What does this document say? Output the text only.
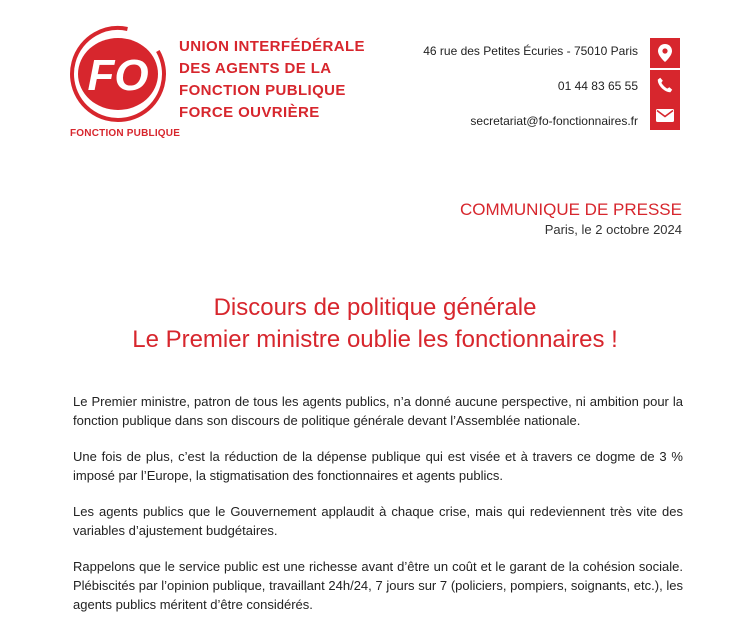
FO
FONCTION PUBLIQUE
UNION INTERFÉDÉRALE
DES AGENTS DE LA
FONCTION PUBLIQUE
FORCE OUVRIÈRE
46 rue des Petites Écuries - 75010 Paris
01 44 83 65 55
secretariat@fo-fonctionnaires.fr
COMMUNIQUE DE PRESSE
Paris, le 2 octobre 2024
Discours de politique générale
Le Premier ministre oublie les fonctionnaires !

Le Premier ministre, patron de tous les agents publics, n’a donné aucune perspective, ni ambition pour la fonction publique dans son discours de politique générale devant l’Assemblée nationale.

Une fois de plus, c’est la réduction de la dépense publique qui est visée et à travers ce dogme de 3 % imposé par l’Europe, la stigmatisation des fonctionnaires et agents publics.

Les agents publics que le Gouvernement applaudit à chaque crise, mais qui redeviennent très vite des variables d’ajustement budgétaires.

Rappelons que le service public est une richesse avant d’être un coût et le garant de la cohésion sociale. Plébiscités par l’opinion publique, travaillant 24h/24, 7 jours sur 7 (policiers, pompiers, soignants, etc.), les agents publics méritent d’être considérés.
